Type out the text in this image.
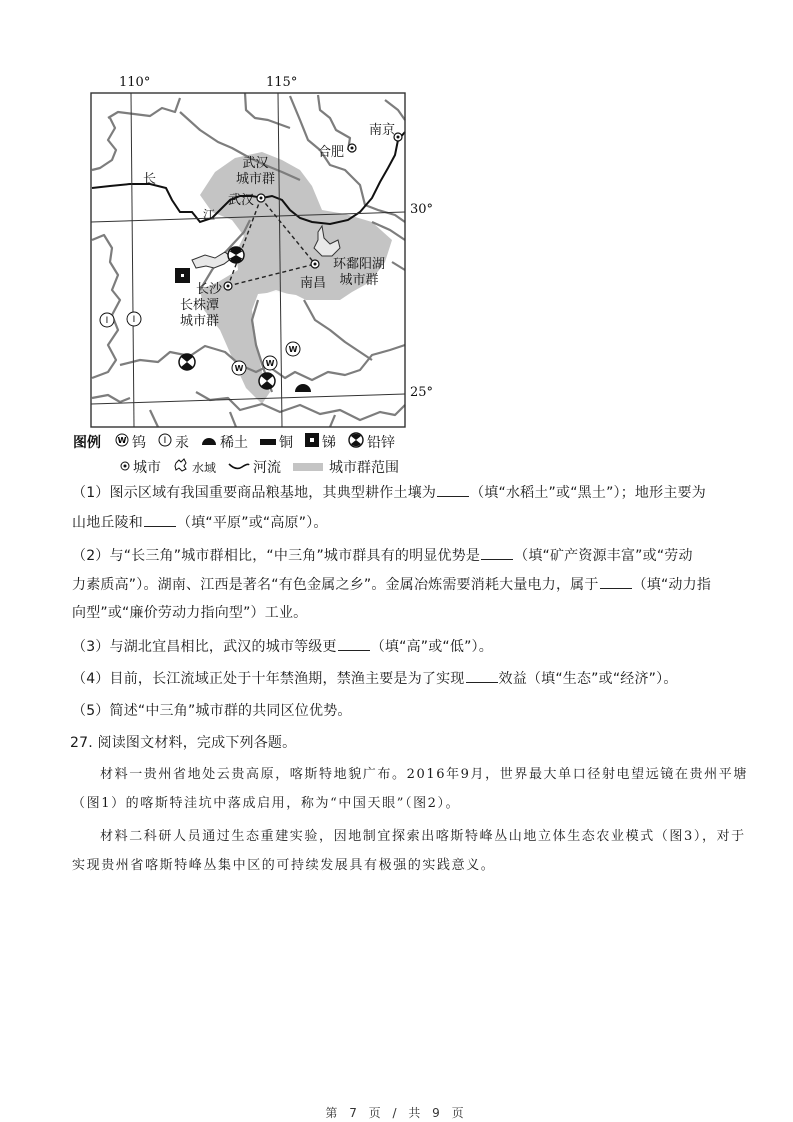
W
W
W
I	I
110°	115°
30°
25°
南京
合肥
武汉
长沙	南昌
武汉
城市群
环鄱阳湖
城市群
长株潭
城市群
长
江
图例 W 钨 I 汞 稀土 铜 锑 铅锌
城市	水域	河流	城市群范围
（1）图示区域有我国重要商品粮基地，其典型耕作土壤为 （填“水稻土”或“黑土”）；地形主要为
山地丘陵和 （填“平原”或“高原”）。
（2）与“长三角”城市群相比，“中三角”城市群具有的明显优势是 （填“矿产资源丰富”或“劳动
力素质高”）。湖南、江西是著名“有色金属之乡”。金属冶炼需要消耗大量电力，属于 （填“动力指
向型”或“廉价劳动力指向型”）工业。
（3）与湖北宜昌相比，武汉的城市等级更 （填“高”或“低”）。
（4）目前，长江流域正处于十年禁渔期，禁渔主要是为了实现 效益（填“生态”或“经济”）。
（5）简述“中三角”城市群的共同区位优势。
27. 阅读图文材料，完成下列各题。
材料一贵州省地处云贵高原，喀斯特地貌广布。2016年9月，世界最大单口径射电望远镜在贵州平塘
（图1）的喀斯特洼坑中落成启用，称为“中国天眼”（图2）。
材料二科研人员通过生态重建实验，因地制宜探索出喀斯特峰丛山地立体生态农业模式（图3），对于
实现贵州省喀斯特峰丛集中区的可持续发展具有极强的实践意义。
第 7 页 / 共 9 页
